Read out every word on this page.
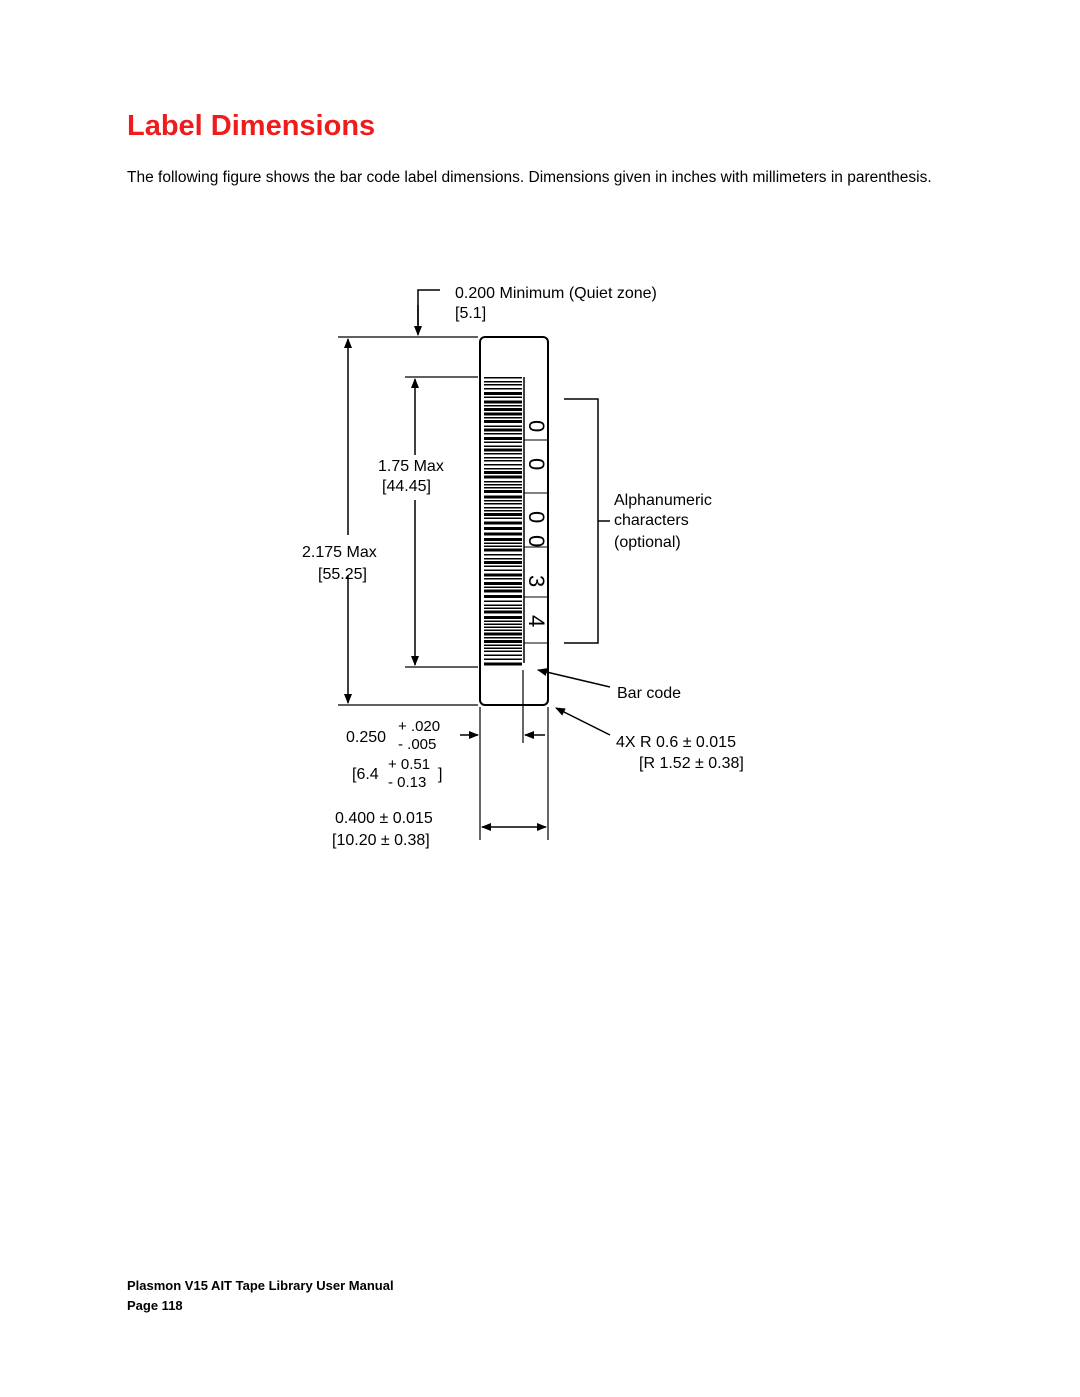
Label Dimensions

The following figure shows the bar code label dimensions. Dimensions given in inches with millimeters in parenthesis.

0
0
0
0
3
4
0.200 Minimum (Quiet zone)
[5.1]
2.175 Max
[55.25]
1.75 Max
[44.45]
Alphanumeric
characters
(optional)
Bar code
4X R 0.6 ± 0.015
[R 1.52 ± 0.38]
0.250
+ .020
- .005
[6.4
+ 0.51
- 0.13 ]
0.400 ± 0.015
[10.20 ± 0.38]
Plasmon V15 AIT Tape Library User Manual
Page 118
